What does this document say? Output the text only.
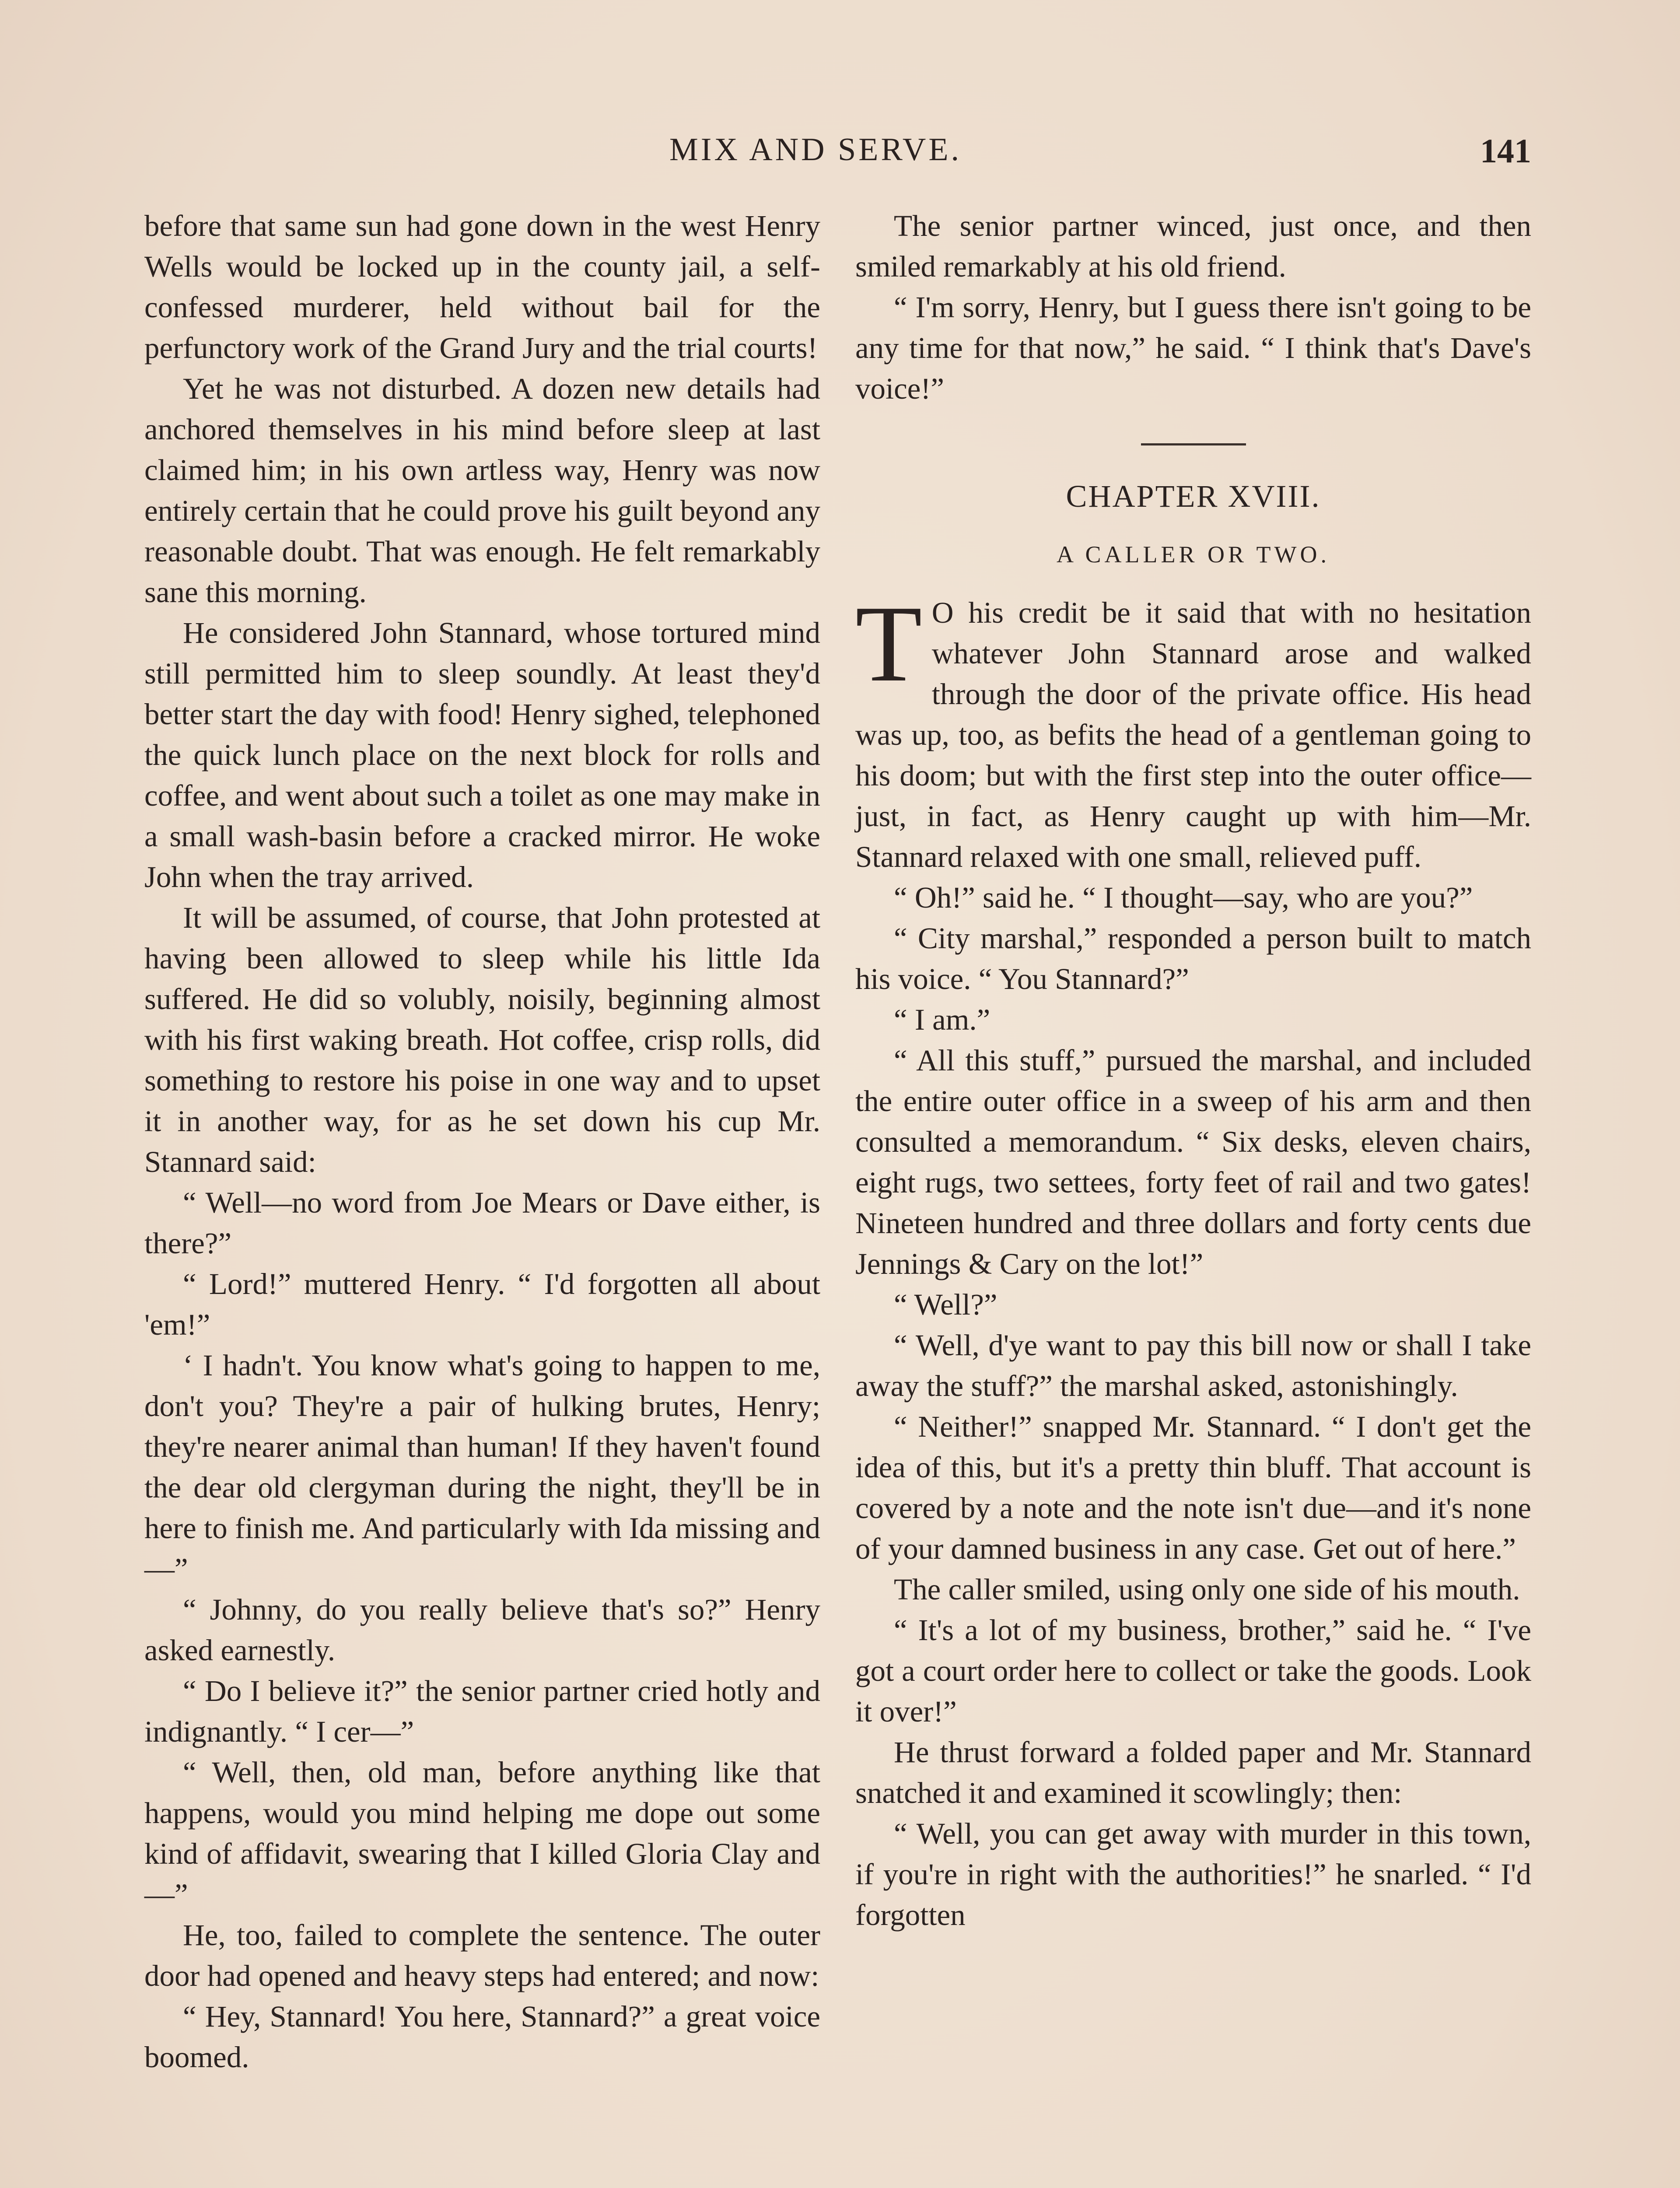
MIX AND SERVE.	141

before that same sun had gone down in the west Henry Wells would be locked up in the county jail, a self-confessed murderer, held without bail for the perfunctory work of the Grand Jury and the trial courts!

Yet he was not disturbed. A dozen new details had anchored themselves in his mind before sleep at last claimed him; in his own artless way, Henry was now entirely certain that he could prove his guilt beyond any reasonable doubt. That was enough. He felt remarkably sane this morning.

He considered John Stannard, whose tortured mind still permitted him to sleep soundly. At least they'd better start the day with food! Henry sighed, telephoned the quick lunch place on the next block for rolls and coffee, and went about such a toilet as one may make in a small wash-basin before a cracked mirror. He woke John when the tray arrived.

It will be assumed, of course, that John protested at having been allowed to sleep while his little Ida suffered. He did so volubly, noisily, beginning almost with his first waking breath. Hot coffee, crisp rolls, did something to restore his poise in one way and to upset it in another way, for as he set down his cup Mr. Stannard said:

“ Well—no word from Joe Mears or Dave either, is there?”

“ Lord!” muttered Henry. “ I'd forgotten all about 'em!”

‘ I hadn't. You know what's going to happen to me, don't you? They're a pair of hulking brutes, Henry; they're nearer animal than human! If they haven't found the dear old clergyman during the night, they'll be in here to finish me. And particularly with Ida missing and—”

“ Johnny, do you really believe that's so?” Henry asked earnestly.

“ Do I believe it?” the senior partner cried hotly and indignantly. “ I cer—”

“ Well, then, old man, before anything like that happens, would you mind helping me dope out some kind of affidavit, swearing that I killed Gloria Clay and—”

He, too, failed to complete the sentence. The outer door had opened and heavy steps had entered; and now:

“ Hey, Stannard! You here, Stannard?” a great voice boomed.

The senior partner winced, just once, and then smiled remarkably at his old friend.

“ I'm sorry, Henry, but I guess there isn't going to be any time for that now,” he said. “ I think that's Dave's voice!”

CHAPTER XVIII.
A CALLER OR TWO.

T O his credit be it said that with no hesitation whatever John Stannard arose and walked through the door of the private office. His head was up, too, as befits the head of a gentleman going to his doom; but with the first step into the outer office—just, in fact, as Henry caught up with him—Mr. Stannard relaxed with one small, relieved puff.

“ Oh!” said he. “ I thought—say, who are you?”

“ City marshal,” responded a person built to match his voice. “ You Stannard?”

“ I am.”

“ All this stuff,” pursued the marshal, and included the entire outer office in a sweep of his arm and then consulted a memorandum. “ Six desks, eleven chairs, eight rugs, two settees, forty feet of rail and two gates! Nineteen hundred and three dollars and forty cents due Jennings & Cary on the lot!”

“ Well?”

“ Well, d'ye want to pay this bill now or shall I take away the stuff?” the marshal asked, astonishingly.

“ Neither!” snapped Mr. Stannard. “ I don't get the idea of this, but it's a pretty thin bluff. That account is covered by a note and the note isn't due—and it's none of your damned business in any case. Get out of here.”

The caller smiled, using only one side of his mouth.

“ It's a lot of my business, brother,” said he. “ I've got a court order here to collect or take the goods. Look it over!”

He thrust forward a folded paper and Mr. Stannard snatched it and examined it scowlingly; then:

“ Well, you can get away with murder in this town, if you're in right with the authorities!” he snarled. “ I'd forgotten
